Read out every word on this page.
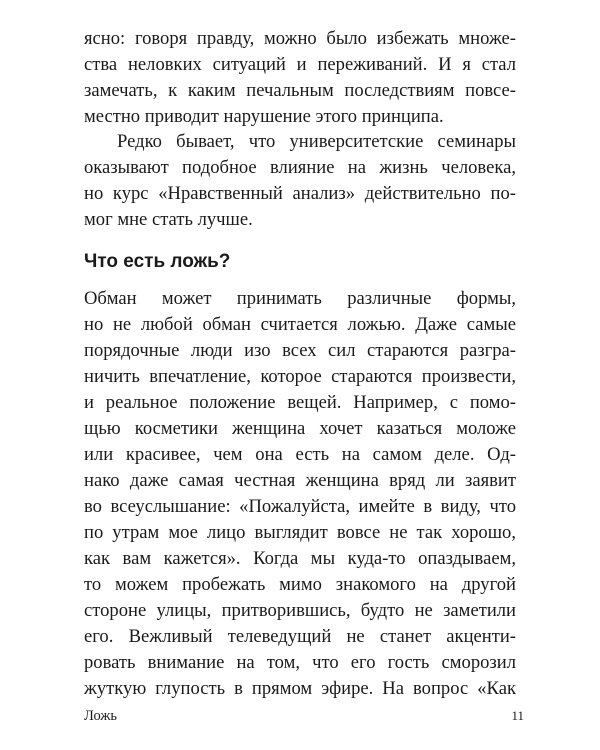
ясно: говоря правду, можно было избежать множе-
ства неловких ситуаций и переживаний. И я стал
замечать, к каким печальным последствиям повсе-
местно приводит нарушение этого принципа.
Редко бывает, что университетские семинары
оказывают подобное влияние на жизнь человека,
но курс «Нравственный анализ» действительно по-
мог мне стать лучше.
Что есть ложь?
Обман может принимать различные формы,
но не любой обман считается ложью. Даже самые
порядочные люди изо всех сил стараются разгра-
ничить впечатление, которое стараются произвести,
и реальное положение вещей. Например, с помо-
щью косметики женщина хочет казаться моложе
или красивее, чем она есть на самом деле. Од-
нако даже самая честная женщина вряд ли заявит
во всеуслышание: «Пожалуйста, имейте в виду, что
по утрам мое лицо выглядит вовсе не так хорошо,
как вам кажется». Когда мы куда-то опаздываем,
то можем пробежать мимо знакомого на другой
стороне улицы, притворившись, будто не заметили
его. Вежливый телеведущий не станет акценти-
ровать внимание на том, что его гость сморозил
жуткую глупость в прямом эфире. На вопрос «Как
Ложь	11
